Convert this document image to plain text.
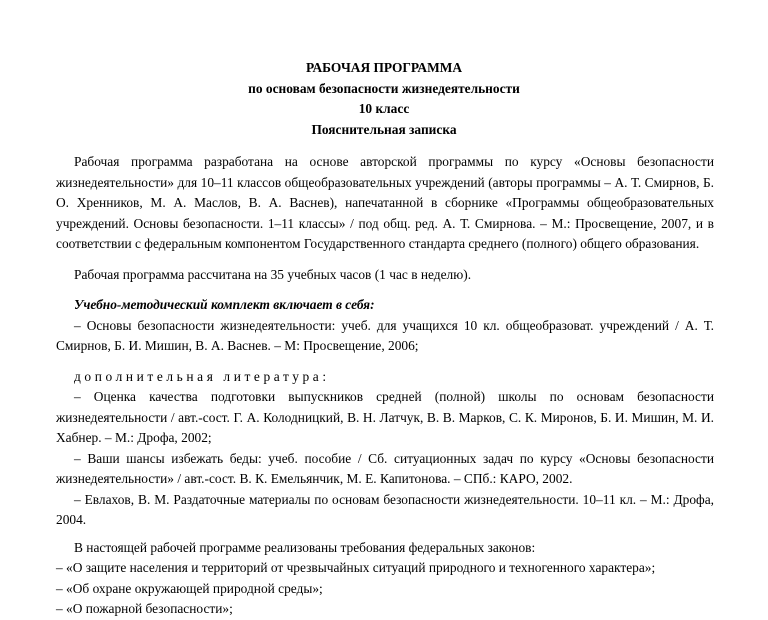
РАБОЧАЯ ПРОГРАММА
по основам безопасности жизнедеятельности
10 класс
Пояснительная записка

Рабочая программа разработана на основе авторской программы по курсу «Основы безопасности жизнедеятельности» для 10–11 классов общеобразовательных учреждений (авторы программы – А. Т. Смирнов, Б. О. Хренников, М. А. Маслов, В. А. Васнев), напечатанной в сборнике «Программы общеобразовательных учреждений. Основы безопасности. 1–11 классы» / под общ. ред. А. Т. Смирнова. – М.: Просвещение, 2007, и в соответствии с федеральным компонентом Государственного стандарта среднего (полного) общего образования.

Рабочая программа рассчитана на 35 учебных часов (1 час в неделю).

Учебно-методический комплект включает в себя:

– Основы безопасности жизнедеятельности: учеб. для учащихся 10 кл. общеобразоват. учреждений / А. Т. Смирнов, Б. И. Мишин, В. А. Васнев. – М: Просвещение, 2006;

дополнительная литература:

– Оценка качества подготовки выпускников средней (полной) школы по основам безопасности жизнедеятельности / авт.-сост. Г. А. Колодницкий, В. Н. Латчук, В. В. Марков, С. К. Миронов, Б. И. Мишин, М. И. Хабнер. – М.: Дрофа, 2002;

– Ваши шансы избежать беды: учеб. пособие / Сб. ситуационных задач по курсу «Основы безопасности жизнедеятельности» / авт.-сост. В. К. Емельянчик, М. Е. Капитонова. – СПб.: КАРО, 2002.

– Евлахов, В. М. Раздаточные материалы по основам безопасности жизнедеятельности. 10–11 кл. – М.: Дрофа, 2004.

В настоящей рабочей программе реализованы требования федеральных законов:

– «О защите населения и территорий от чрезвычайных ситуаций природного и техногенного характера»;

– «Об охране окружающей природной среды»;

– «О пожарной безопасности»;
